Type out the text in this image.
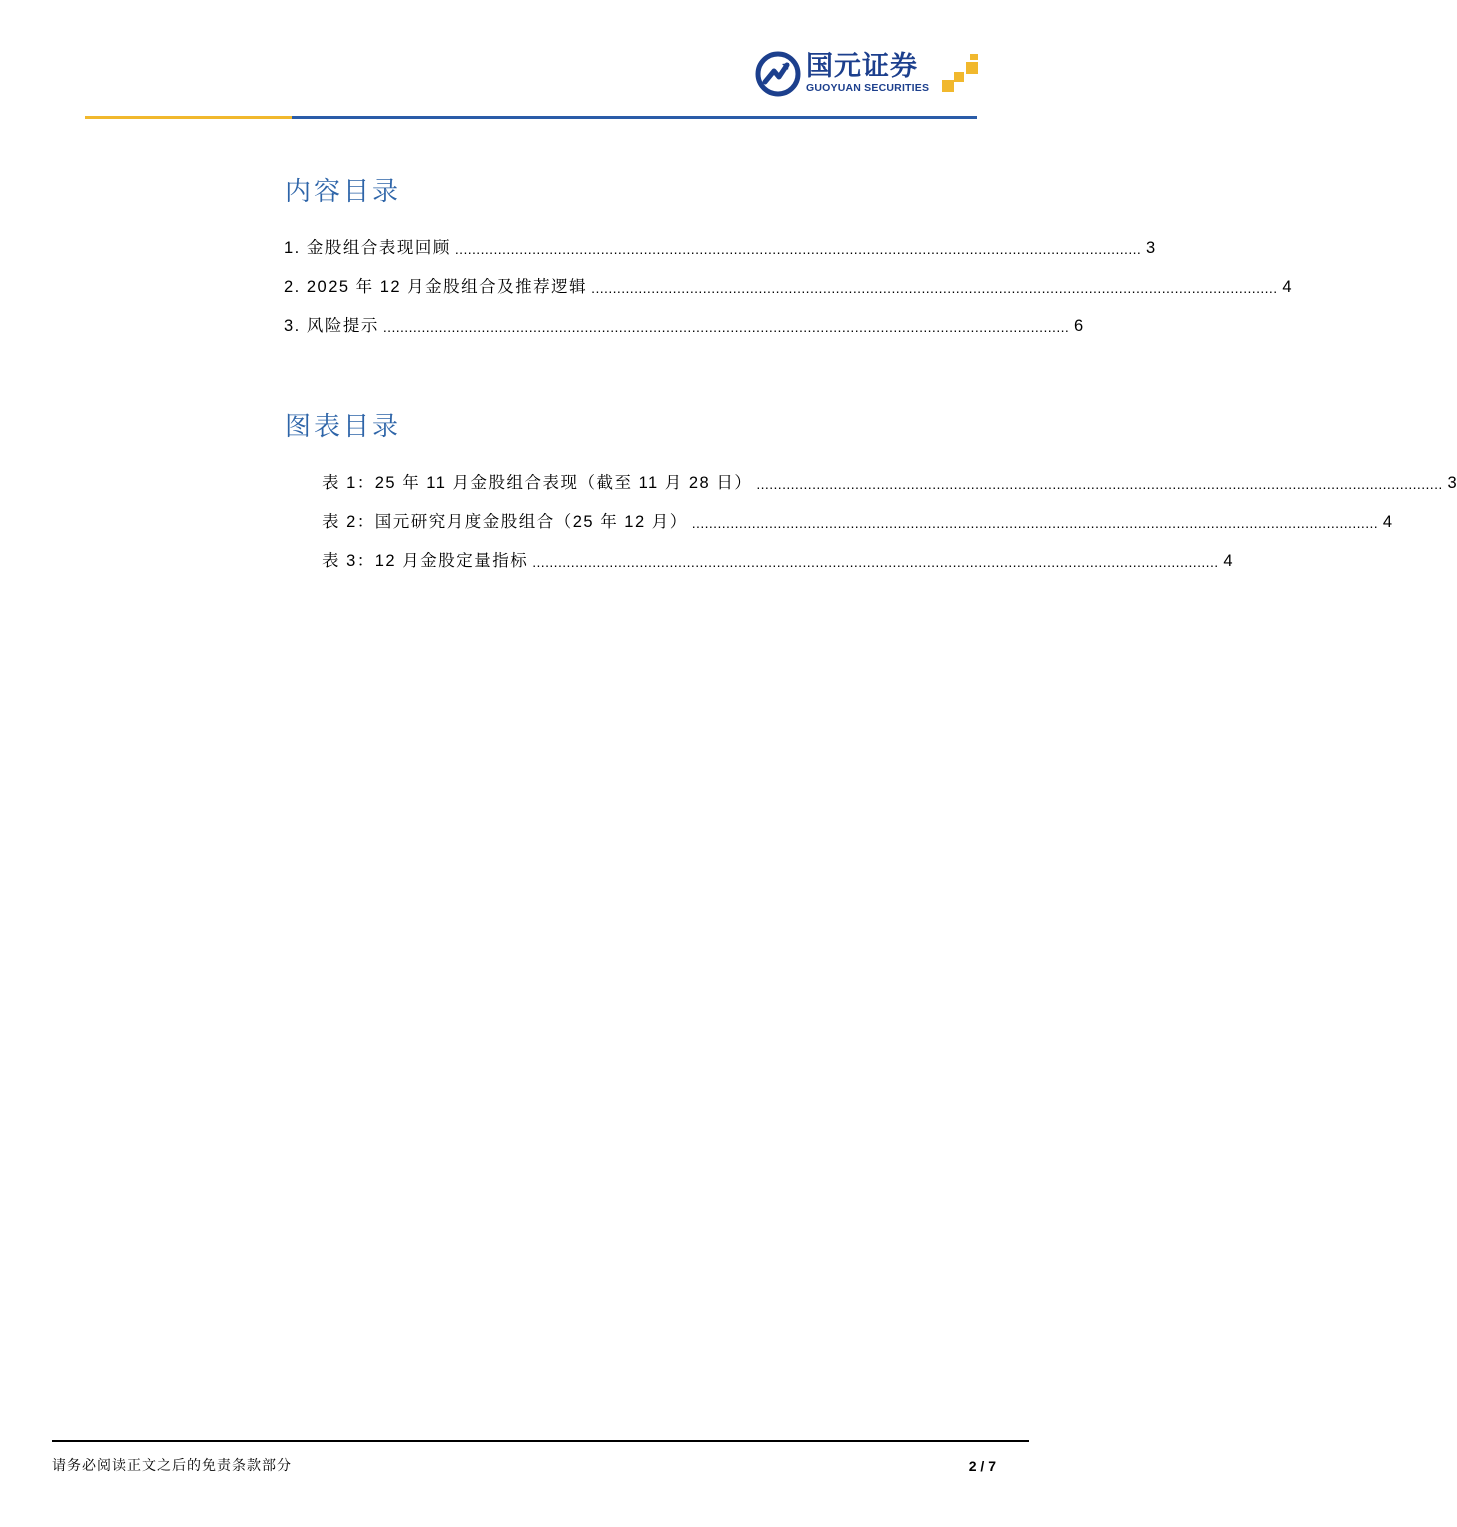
国元证券
GUOYUAN SECURITIES
内容目录
1. 金股组合表现回顾 ................................................................................................................................................................ 3
2. 2025 年 12 月金股组合及推荐逻辑 ................................................................................................................................................................ 4
3. 风险提示 ................................................................................................................................................................ 6
图表目录
表 1：25 年 11 月金股组合表现（截至 11 月 28 日） ................................................................................................................................................................ 3
表 2：国元研究月度金股组合（25 年 12 月） ................................................................................................................................................................ 4
表 3：12 月金股定量指标 ................................................................................................................................................................ 4
请务必阅读正文之后的免责条款部分	2 / 7
